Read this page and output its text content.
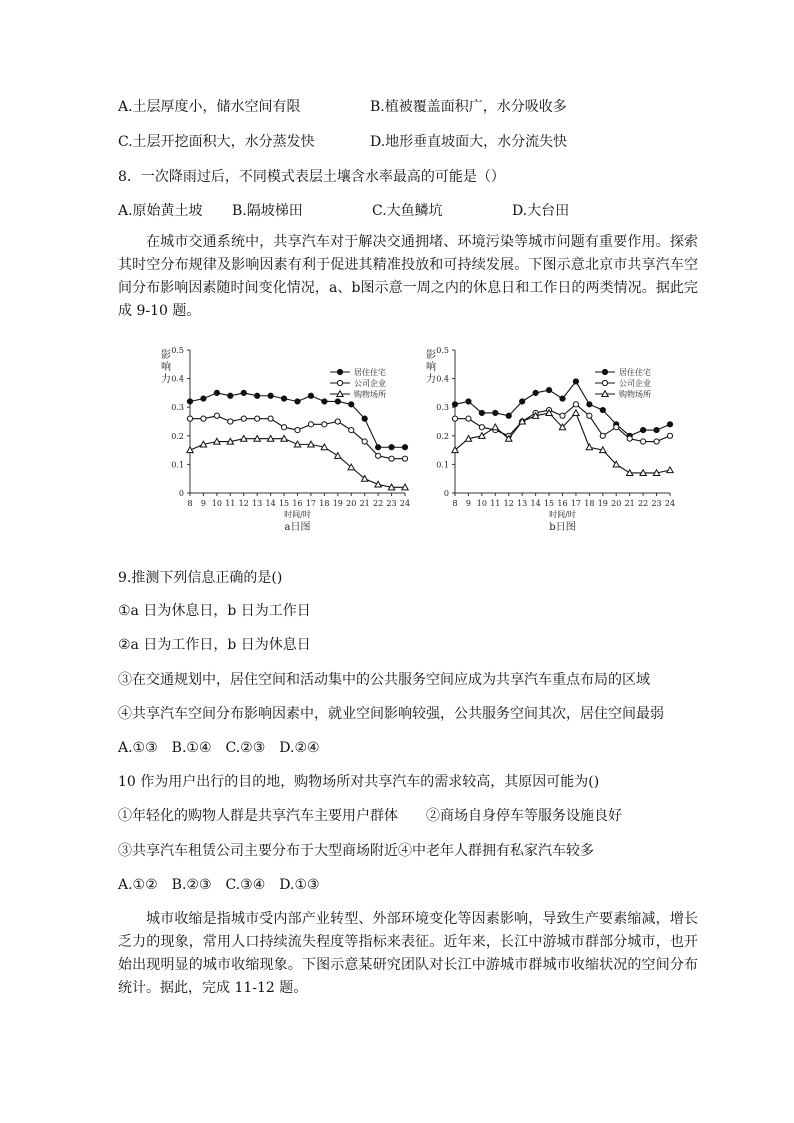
A.土层厚度小，储水空间有限	B.植被覆盖面积广，水分吸收多
C.土层开挖面积大，水分蒸发快	D.地形垂直坡面大，水分流失快
8．一次降雨过后，不同模式表层土壤含水率最高的可能是（）
A.原始黄土坡 B.隔坡梯田	C.大鱼鳞坑	D.大台田
在城市交通系统中，共享汽车对于解决交通拥堵、环境污染等城市问题有重要作用。探索其时空分布规律及影响因素有利于促进其精准投放和可持续发展。下图示意北京市共享汽车空间分布影响因素随时间变化情况，a、b图示意一周之内的休息日和工作日的两类情况。据此完成 9-10 题。
0
0.1
0.2
0.3
0.4
0.5
8 9 10 11 12 13 14 15 16 17 18 19 20 21 22 23 24
影
响
力
时间/时
a日图
居住住宅
公司企业
购物场所
0
0.1
0.2
0.3
0.4
0.5
8 9 10 11 12 13 14 15 16 17 18 19 20 21 22 23 24
影
响
力
时间/时
b日图
居住住宅
公司企业
购物场所
9.推测下列信息正确的是()
①a 日为休息日，b 日为工作日
②a 日为工作日，b 日为休息日
③在交通规划中，居住空间和活动集中的公共服务空间应成为共享汽车重点布局的区域
④共享汽车空间分布影响因素中，就业空间影响较强，公共服务空间其次，居住空间最弱
A.①③　B.①④　C.②③　D.②④
10 作为用户出行的目的地，购物场所对共享汽车的需求较高，其原因可能为()
①年轻化的购物人群是共享汽车主要用户群体　　②商场自身停车等服务设施良好
③共享汽车租赁公司主要分布于大型商场附近④中老年人群拥有私家汽车较多
A.①②　B.②③　C.③④　D.①③
城市收缩是指城市受内部产业转型、外部环境变化等因素影响，导致生产要素缩减，增长乏力的现象，常用人口持续流失程度等指标来表征。近年来，长江中游城市群部分城市，也开始出现明显的城市收缩现象。下图示意某研究团队对长江中游城市群城市收缩状况的空间分布统计。据此，完成 11-12 题。
